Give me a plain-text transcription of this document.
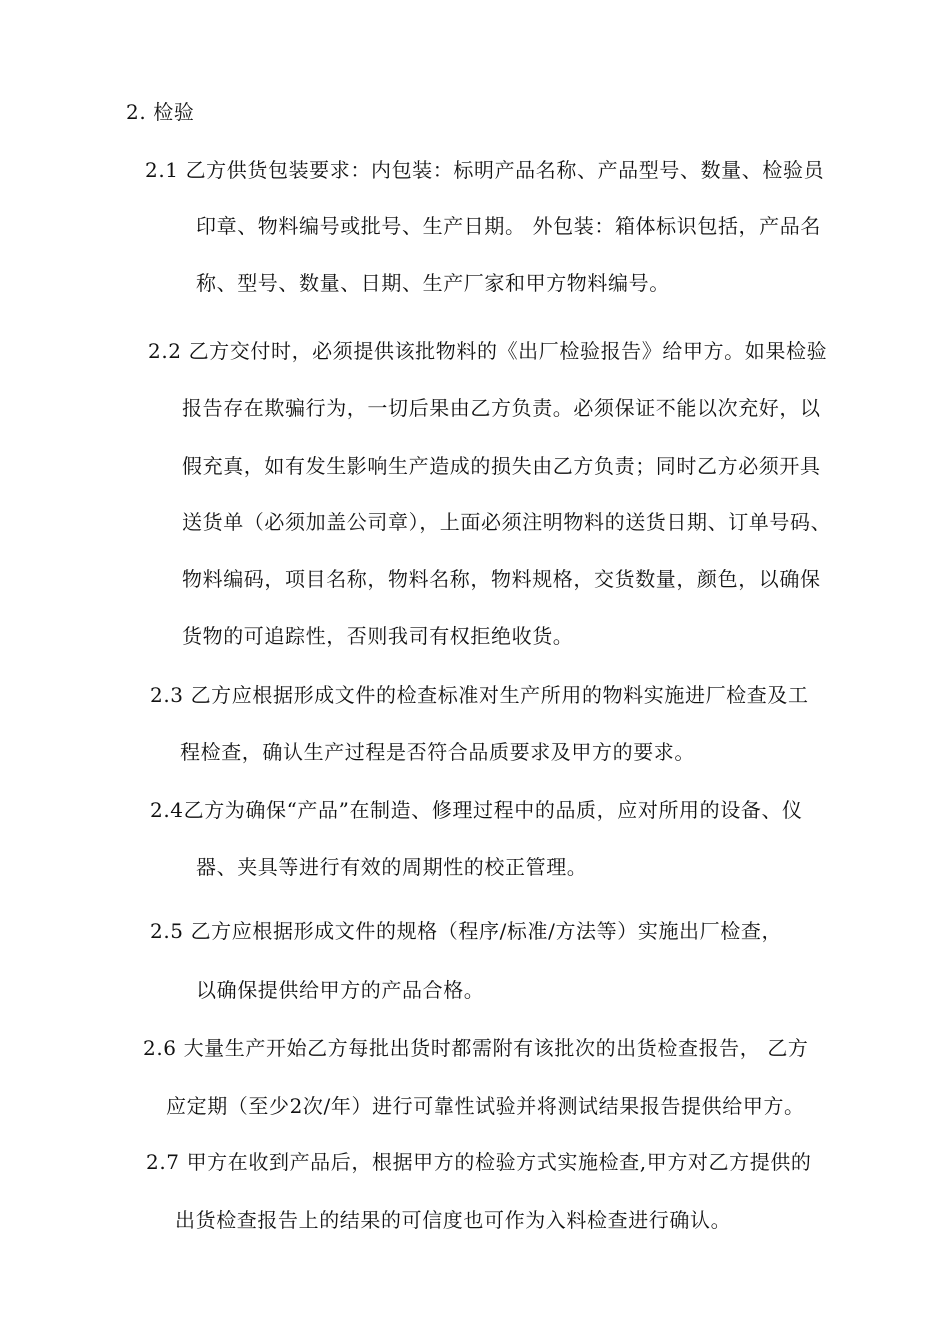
2. 检验
2.1 乙方供货包装要求：内包装：标明产品名称、产品型号、数量、检验员
印章、物料编号或批号、生产日期。 外包装：箱体标识包括，产品名
称、型号、数量、日期、生产厂家和甲方物料编号。
2.2 乙方交付时，必须提供该批物料的《出厂检验报告》给甲方。如果检验
报告存在欺骗行为，一切后果由乙方负责。必须保证不能以次充好，以
假充真，如有发生影响生产造成的损失由乙方负责；同时乙方必须开具
送货单（必须加盖公司章），上面必须注明物料的送货日期、订单号码、
物料编码，项目名称，物料名称，物料规格，交货数量，颜色，以确保
货物的可追踪性，否则我司有权拒绝收货。
2.3 乙方应根据形成文件的检查标准对生产所用的物料实施进厂检查及工
程检查，确认生产过程是否符合品质要求及甲方的要求。
2.4乙方为确保“产品”在制造、修理过程中的品质，应对所用的设备、仪
器、夹具等进行有效的周期性的校正管理。
2.5 乙方应根据形成文件的规格（程序/标准/方法等）实施出厂检查，
以确保提供给甲方的产品合格。
2.6 大量生产开始乙方每批出货时都需附有该批次的出货检查报告， 乙方
应定期（至少2次/年）进行可靠性试验并将测试结果报告提供给甲方。
2.7 甲方在收到产品后，根据甲方的检验方式实施检查,甲方对乙方提供的
出货检查报告上的结果的可信度也可作为入料检查进行确认。
